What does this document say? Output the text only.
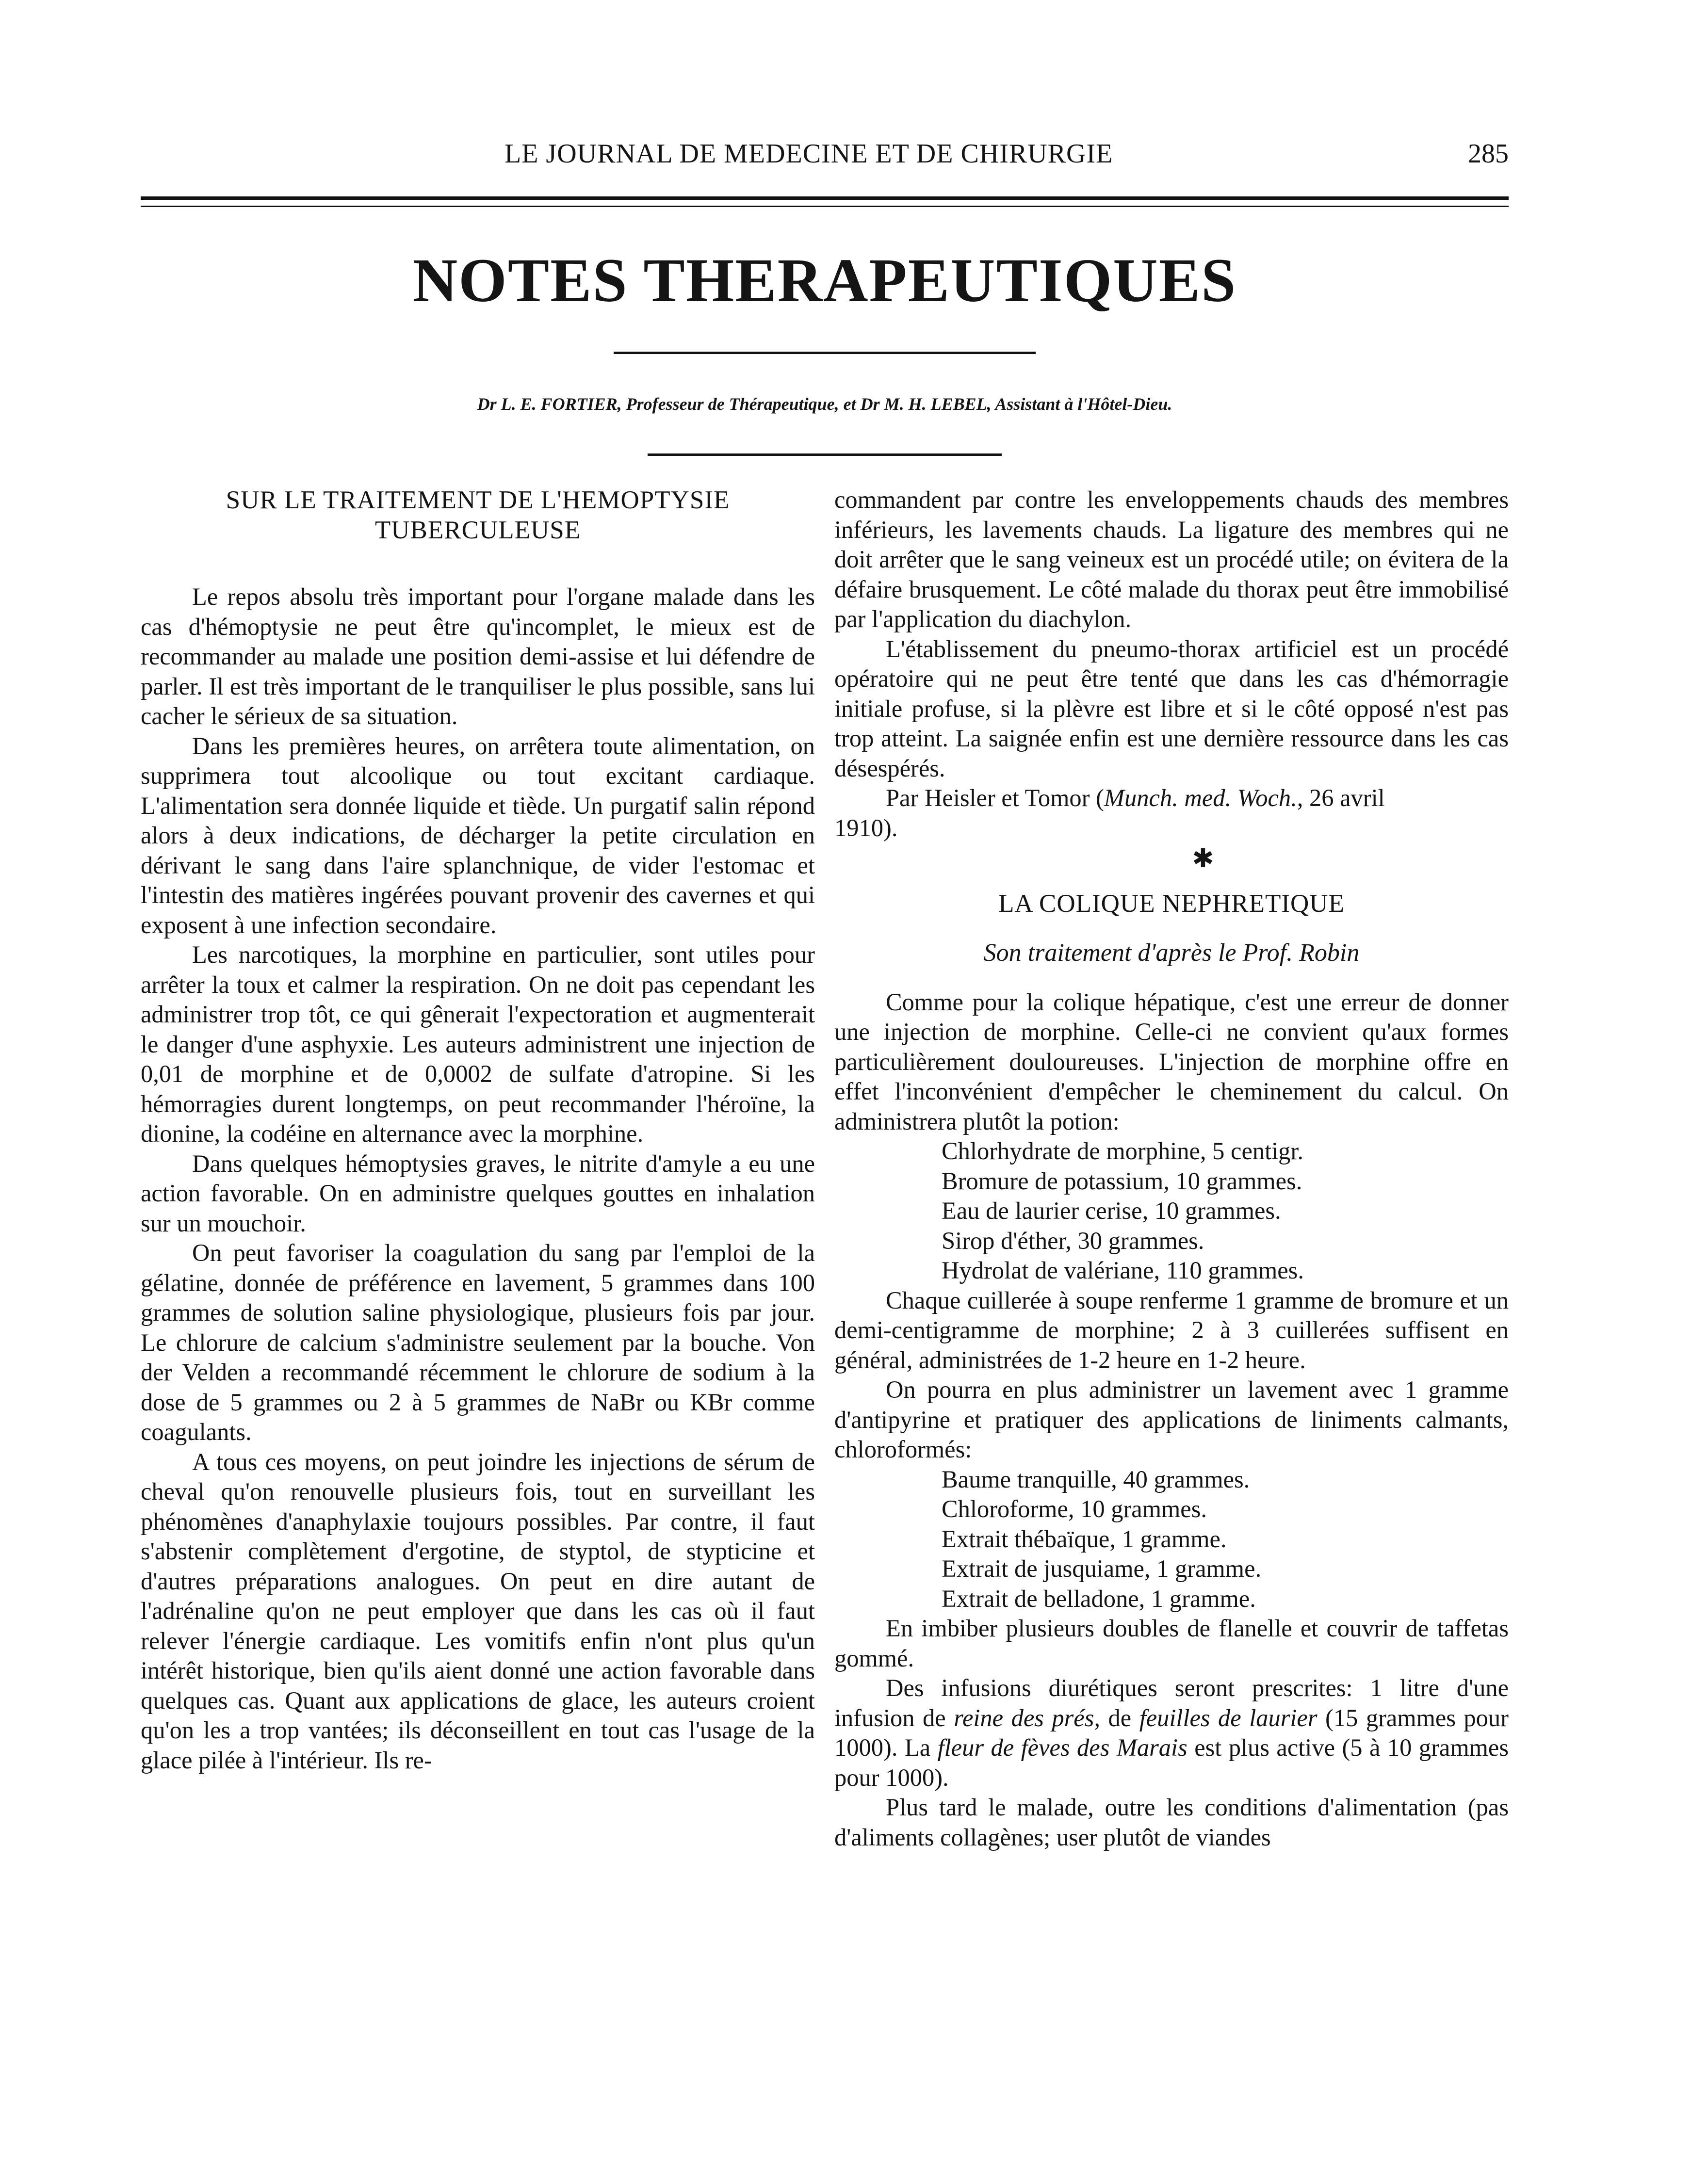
LE JOURNAL DE MEDECINE ET DE CHIRURGIE	285
NOTES THERAPEUTIQUES
Dr L. E. FORTIER, Professeur de Thérapeutique, et Dr M. H. LEBEL, Assistant à l'Hôtel-Dieu.
SUR LE TRAITEMENT DE L'HEMOPTYSIE TUBERCULEUSE

Le repos absolu très important pour l'organe malade dans les cas d'hémoptysie ne peut être qu'incomplet, le mieux est de recommander au malade une position demi-assise et lui défendre de parler. Il est très important de le tranquiliser le plus possible, sans lui cacher le sérieux de sa situation.

Dans les premières heures, on arrêtera toute alimentation, on supprimera tout alcoolique ou tout excitant cardiaque. L'alimentation sera donnée liquide et tiède. Un purgatif salin répond alors à deux indications, de décharger la petite circulation en dérivant le sang dans l'aire splanchnique, de vider l'estomac et l'intestin des matières ingérées pouvant provenir des cavernes et qui exposent à une infection secondaire.

Les narcotiques, la morphine en particulier, sont utiles pour arrêter la toux et calmer la respiration. On ne doit pas cependant les administrer trop tôt, ce qui gênerait l'expectoration et augmenterait le danger d'une asphyxie. Les auteurs administrent une injection de 0,01 de morphine et de 0,0002 de sulfate d'atropine. Si les hémorragies durent longtemps, on peut recommander l'héroïne, la dionine, la codéine en alternance avec la morphine.

Dans quelques hémoptysies graves, le nitrite d'amyle a eu une action favorable. On en administre quelques gouttes en inhalation sur un mouchoir.

On peut favoriser la coagulation du sang par l'emploi de la gélatine, donnée de préférence en lavement, 5 grammes dans 100 grammes de solution saline physiologique, plusieurs fois par jour. Le chlorure de calcium s'administre seulement par la bouche. Von der Velden a recommandé récemment le chlorure de sodium à la dose de 5 grammes ou 2 à 5 grammes de NaBr ou KBr comme coagulants.

A tous ces moyens, on peut joindre les injections de sérum de cheval qu'on renouvelle plusieurs fois, tout en surveillant les phénomènes d'anaphylaxie toujours possibles. Par contre, il faut s'abstenir complètement d'ergotine, de styptol, de stypticine et d'autres préparations analogues. On peut en dire autant de l'adrénaline qu'on ne peut employer que dans les cas où il faut relever l'énergie cardiaque. Les vomitifs enfin n'ont plus qu'un intérêt historique, bien qu'ils aient donné une action favorable dans quelques cas. Quant aux applications de glace, les auteurs croient qu'on les a trop vantées; ils déconseillent en tout cas l'usage de la glace pilée à l'intérieur. Ils re-

commandent par contre les enveloppements chauds des membres inférieurs, les lavements chauds. La ligature des membres qui ne doit arrêter que le sang veineux est un procédé utile; on évitera de la défaire brusquement. Le côté malade du thorax peut être immobilisé par l'application du diachylon.

L'établissement du pneumo-thorax artificiel est un procédé opératoire qui ne peut être tenté que dans les cas d'hémorragie initiale profuse, si la plèvre est libre et si le côté opposé n'est pas trop atteint. La saignée enfin est une dernière ressource dans les cas désespérés.

Par Heisler et Tomor (Munch. med. Woch., 26 avril

1910).

✱
LA COLIQUE NEPHRETIQUE
Son traitement d'après le Prof. Robin

Comme pour la colique hépatique, c'est une erreur de donner une injection de morphine. Celle-ci ne convient qu'aux formes particulièrement douloureuses. L'injection de morphine offre en effet l'inconvénient d'empêcher le cheminement du calcul. On administrera plutôt la potion:

Chlorhydrate de morphine, 5 centigr.

Bromure de potassium, 10 grammes.

Eau de laurier cerise, 10 grammes.

Sirop d'éther, 30 grammes.

Hydrolat de valériane, 110 grammes.

Chaque cuillerée à soupe renferme 1 gramme de bromure et un demi-centigramme de morphine; 2 à 3 cuillerées suffisent en général, administrées de 1-2 heure en 1-2 heure.

On pourra en plus administrer un lavement avec 1 gramme d'antipyrine et pratiquer des applications de liniments calmants, chloroformés:

Baume tranquille, 40 grammes.

Chloroforme, 10 grammes.

Extrait thébaïque, 1 gramme.

Extrait de jusquiame, 1 gramme.

Extrait de belladone, 1 gramme.

En imbiber plusieurs doubles de flanelle et couvrir de taffetas gommé.

Des infusions diurétiques seront prescrites: 1 litre d'une infusion de reine des prés, de feuilles de laurier (15 grammes pour 1000). La fleur de fèves des Marais est plus active (5 à 10 grammes pour 1000).

Plus tard le malade, outre les conditions d'alimentation (pas d'aliments collagènes; user plutôt de viandes
